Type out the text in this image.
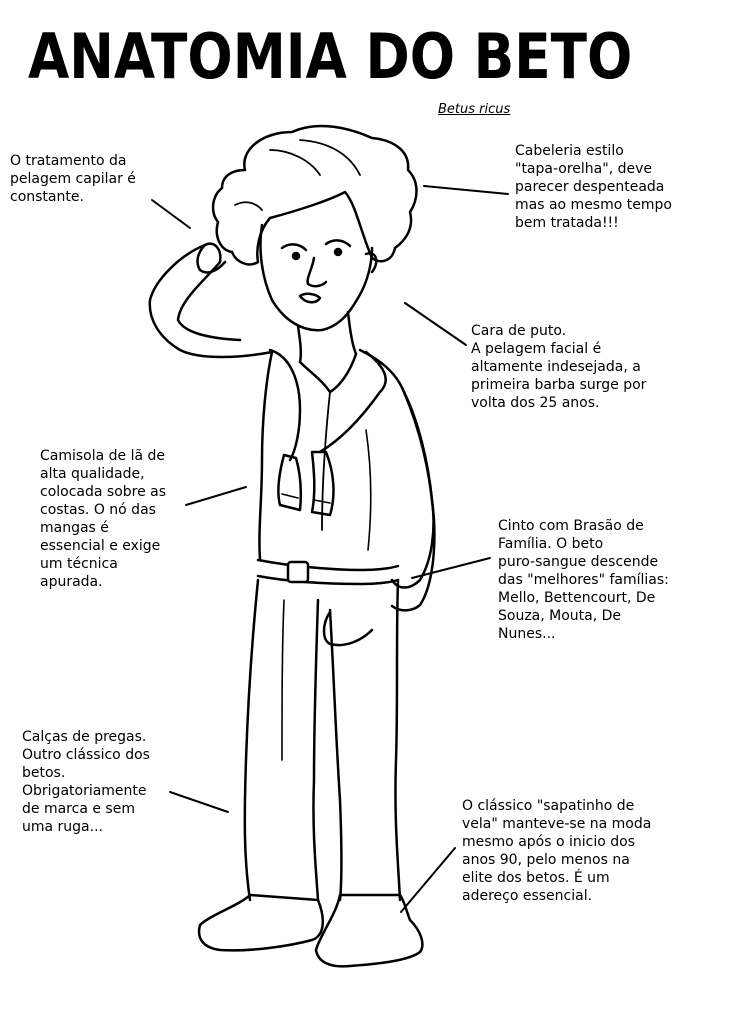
ANATOMIA DO BETO
Betus ricus

O tratamento da
pelagem capilar é
constante.

Cabeleria estilo
"tapa-orelha", deve
parecer despenteada
mas ao mesmo tempo
bem tratada!!!

Cara de puto.
A pelagem facial é
altamente indesejada, a
primeira barba surge por
volta dos 25 anos.

Camisola de lã de
alta qualidade,
colocada sobre as
costas. O nó das
mangas é
essencial e exige
um técnica
apurada.

Cinto com Brasão de
Família. O beto
puro-sangue descende
das "melhores" famílias:
Mello, Bettencourt, De
Souza, Mouta, De
Nunes...

Calças de pregas.
Outro clássico dos
betos.
Obrigatoriamente
de marca e sem
uma ruga...

O clássico "sapatinho de
vela" manteve-se na moda
mesmo após o inicio dos
anos 90, pelo menos na
elite dos betos. É um
adereço essencial.
